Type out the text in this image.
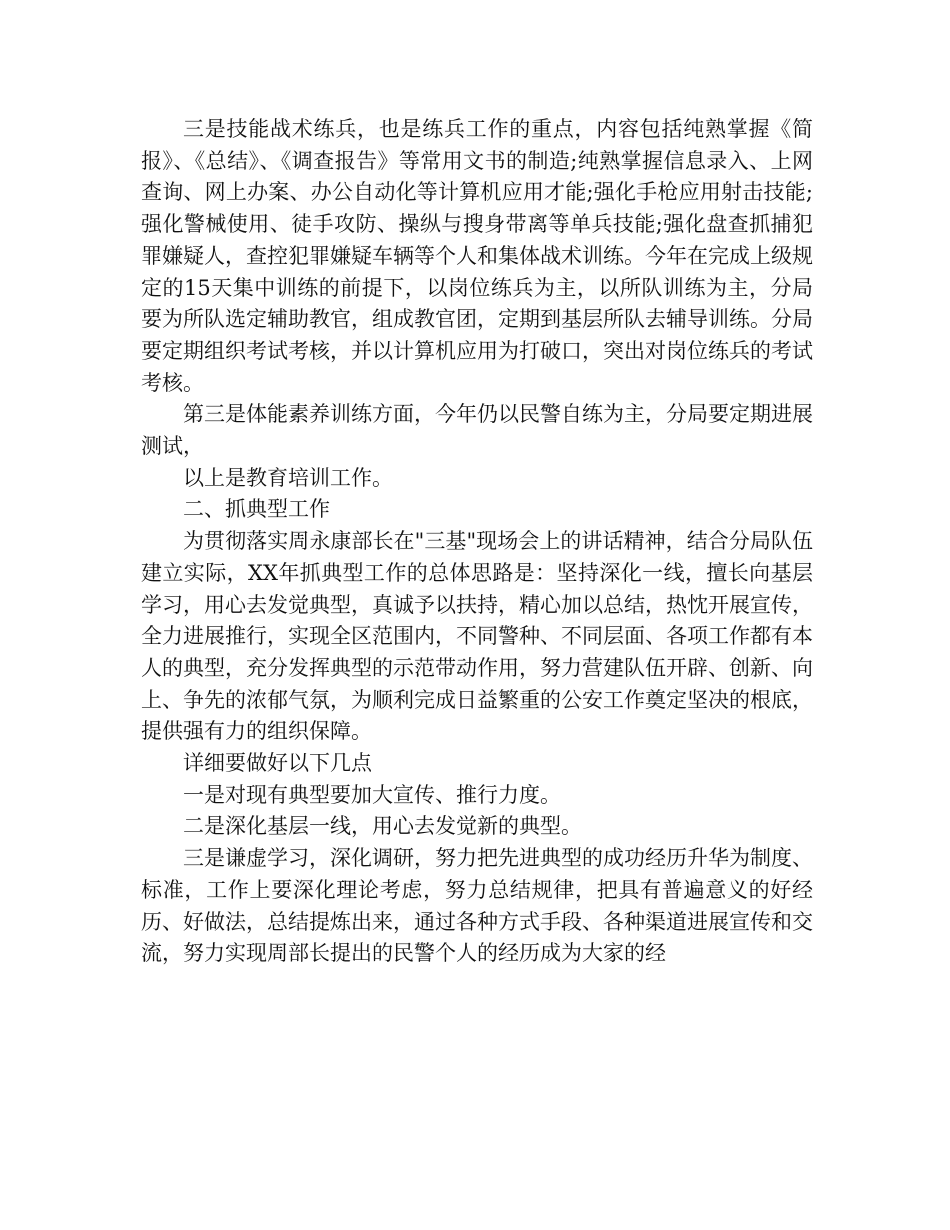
三是技能战术练兵，也是练兵工作的重点，内容包括纯熟掌握《简报》、《总结》、《调查报告》等常用文书的制造;纯熟掌握信息录入、上网查询、网上办案、办公自动化等计算机应用才能;强化手枪应用射击技能;强化警械使用、徒手攻防、操纵与搜身带离等单兵技能;强化盘查抓捕犯罪嫌疑人，查控犯罪嫌疑车辆等个人和集体战术训练。今年在完成上级规定的15天集中训练的前提下，以岗位练兵为主，以所队训练为主，分局要为所队选定辅助教官，组成教官团，定期到基层所队去辅导训练。分局要定期组织考试考核，并以计算机应用为打破口，突出对岗位练兵的考试考核。

第三是体能素养训练方面，今年仍以民警自练为主，分局要定期进展测试，

以上是教育培训工作。

二、抓典型工作

为贯彻落实周永康部长在"三基"现场会上的讲话精神，结合分局队伍建立实际，XX年抓典型工作的总体思路是：坚持深化一线，擅长向基层学习，用心去发觉典型，真诚予以扶持，精心加以总结，热忱开展宣传，全力进展推行，实现全区范围内，不同警种、不同层面、各项工作都有本人的典型，充分发挥典型的示范带动作用，努力营建队伍开辟、创新、向上、争先的浓郁气氛，为顺利完成日益繁重的公安工作奠定坚决的根底，提供强有力的组织保障。

详细要做好以下几点

一是对现有典型要加大宣传、推行力度。

二是深化基层一线，用心去发觉新的典型。

三是谦虚学习，深化调研，努力把先进典型的成功经历升华为制度、标准，工作上要深化理论考虑，努力总结规律，把具有普遍意义的好经历、好做法，总结提炼出来，通过各种方式手段、各种渠道进展宣传和交流，努力实现周部长提出的民警个人的经历成为大家的经
